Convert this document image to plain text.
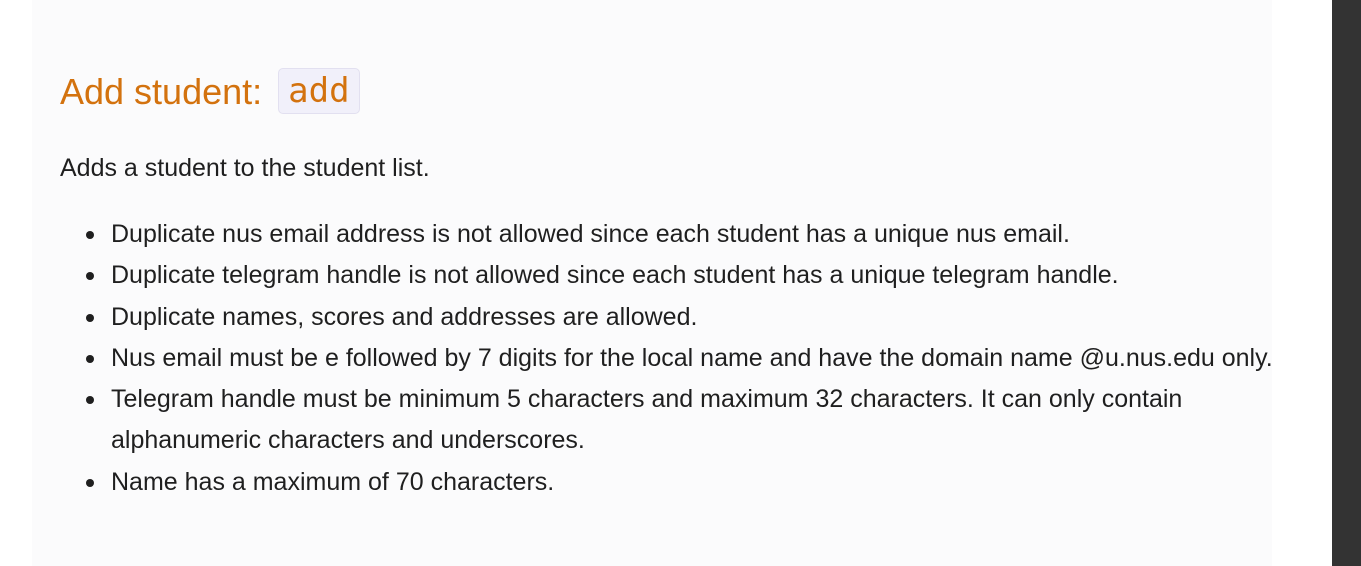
Add student: add

Adds a student to the student list.

Duplicate nus email address is not allowed since each student has a unique nus email.
Duplicate telegram handle is not allowed since each student has a unique telegram handle.
Duplicate names, scores and addresses are allowed.
Nus email must be e followed by 7 digits for the local name and have the domain name @u.nus.edu only.
Telegram handle must be minimum 5 characters and maximum 32 characters. It can only contain alphanumeric characters and underscores.
Name has a maximum of 70 characters.
